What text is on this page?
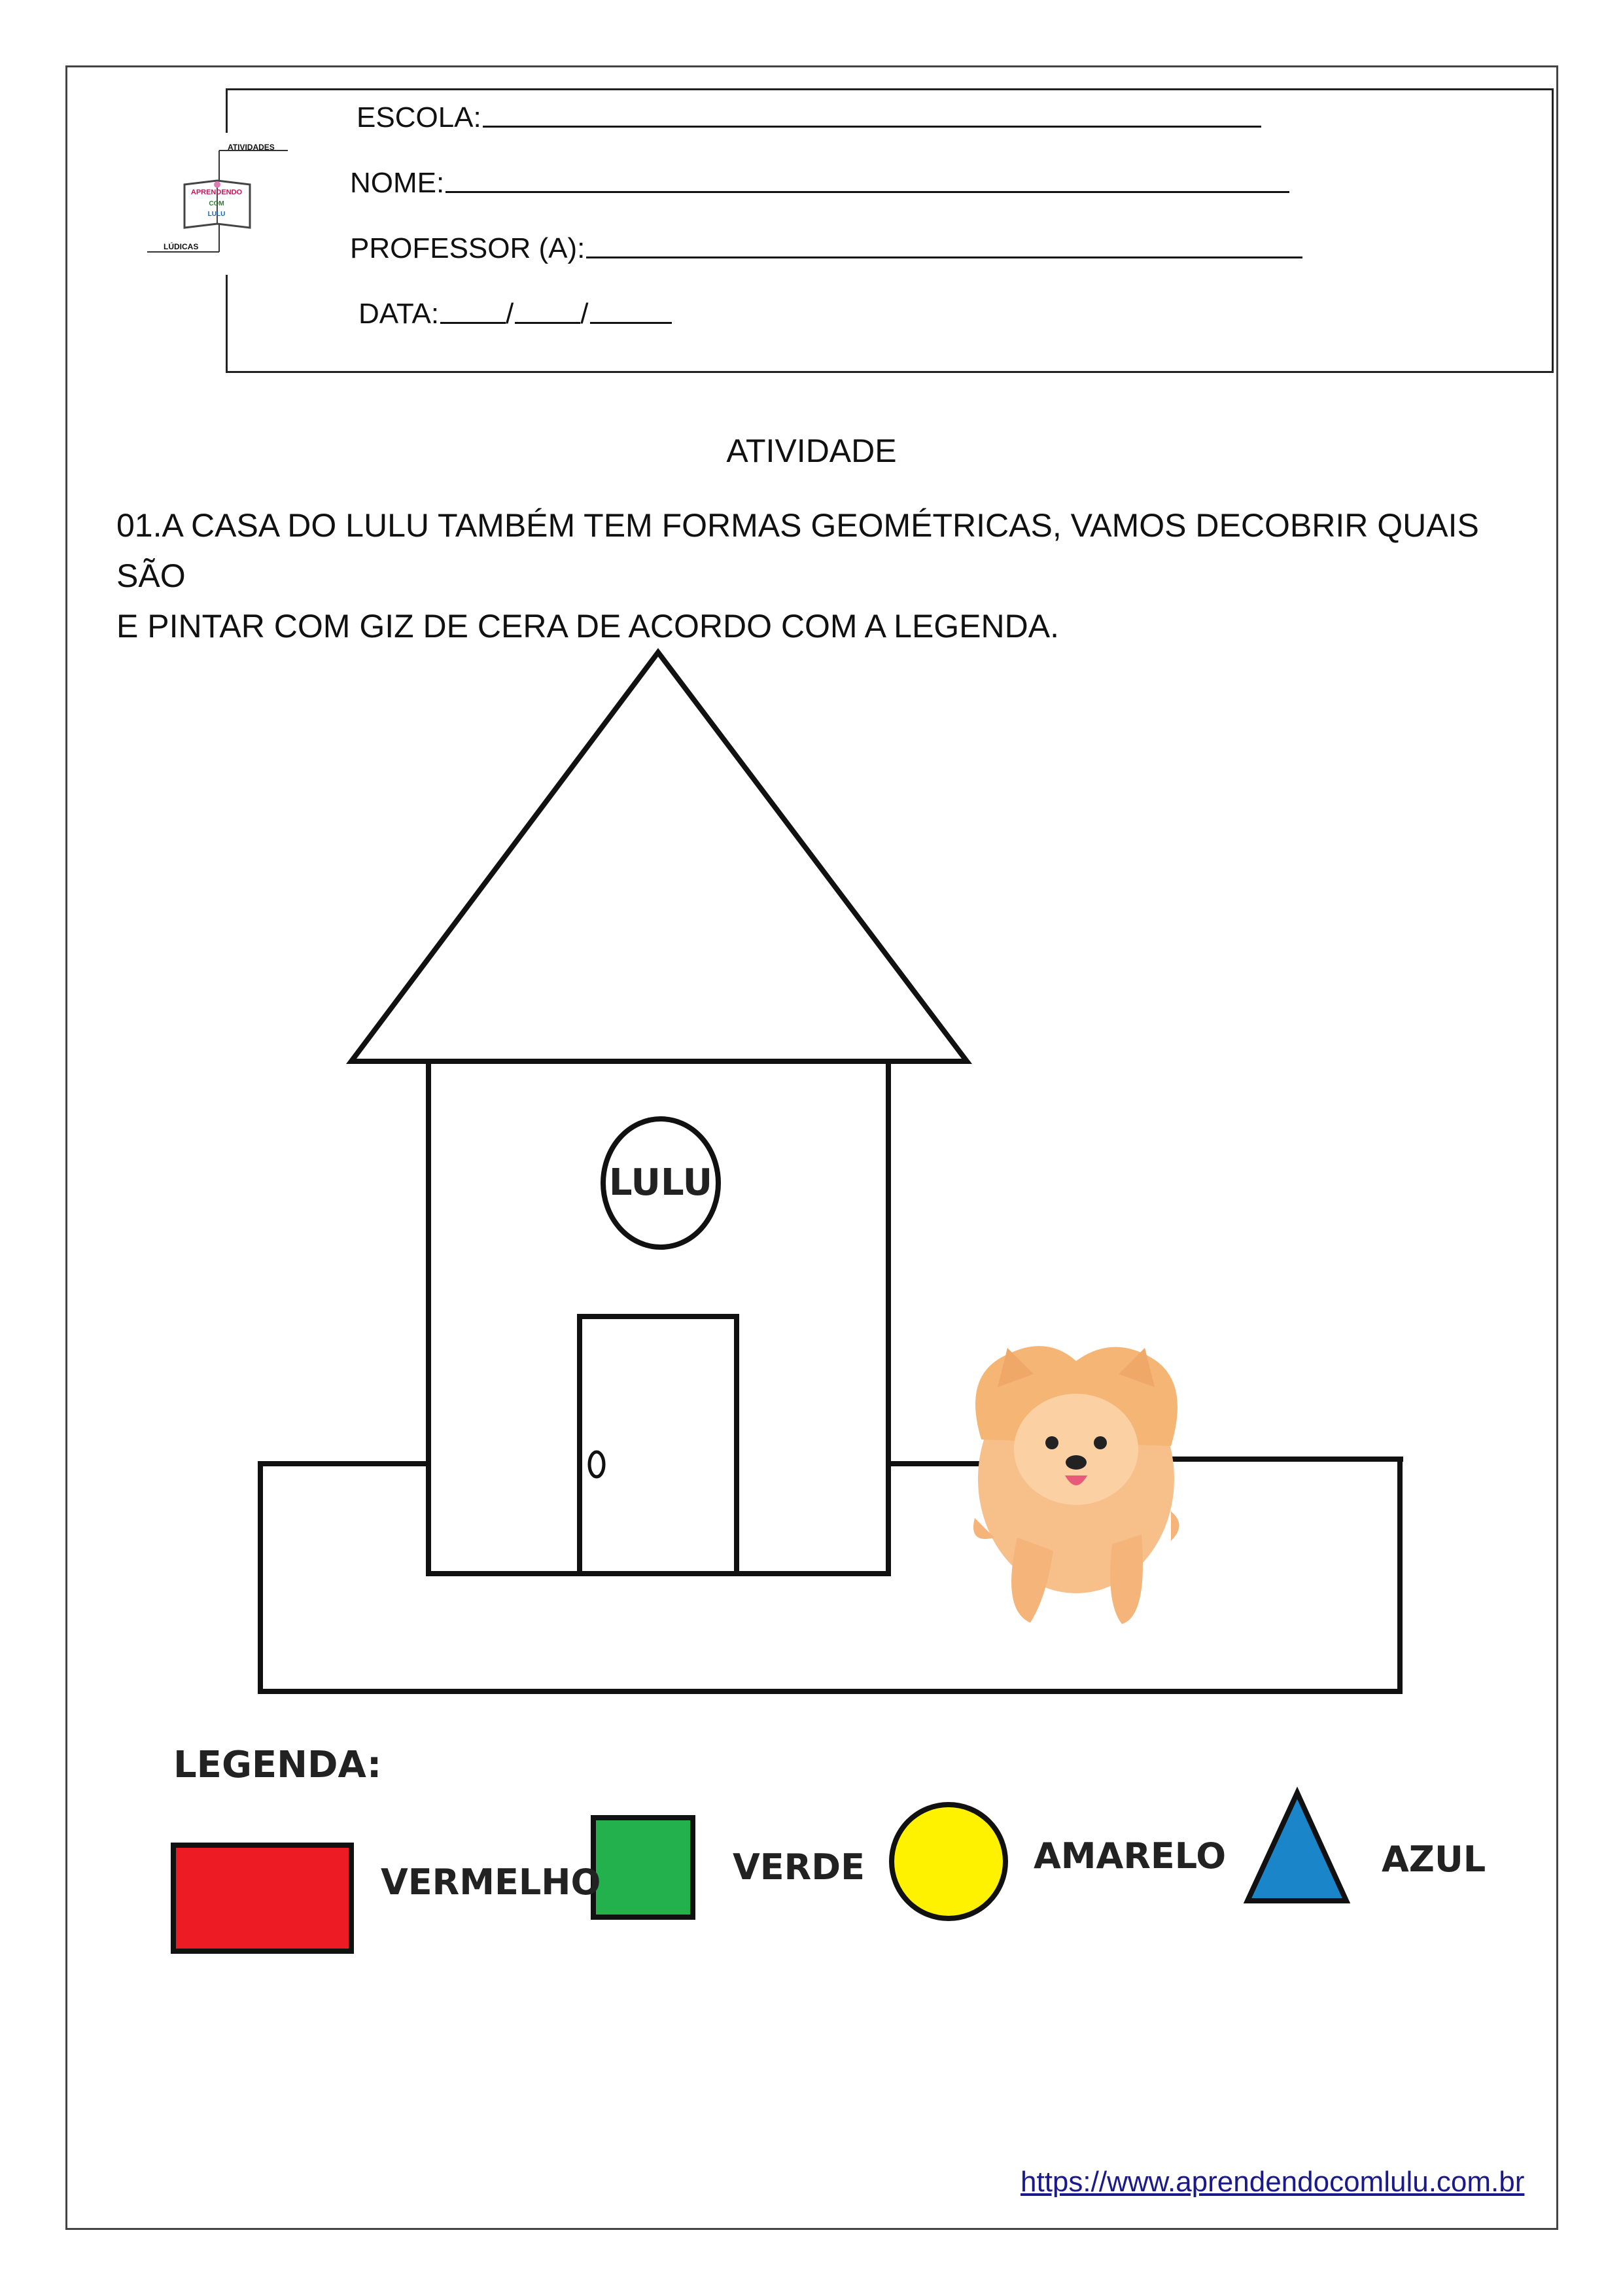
ATIVIDADES
APRENDENDO
COM
LULU
LÚDICAS
ESCOLA:
NOME:
PROFESSOR (A):
DATA: / /
ATIVIDADE
01.A CASA DO LULU TAMBÉM TEM FORMAS GEOMÉTRICAS, VAMOS DECOBRIR QUAIS SÃO
E PINTAR COM GIZ DE CERA DE ACORDO COM A LEGENDA.
LULU
LEGENDA:
VERMELHO	VERDE	AMARELO	AZUL
https://www.aprendendocomlulu.com.br
